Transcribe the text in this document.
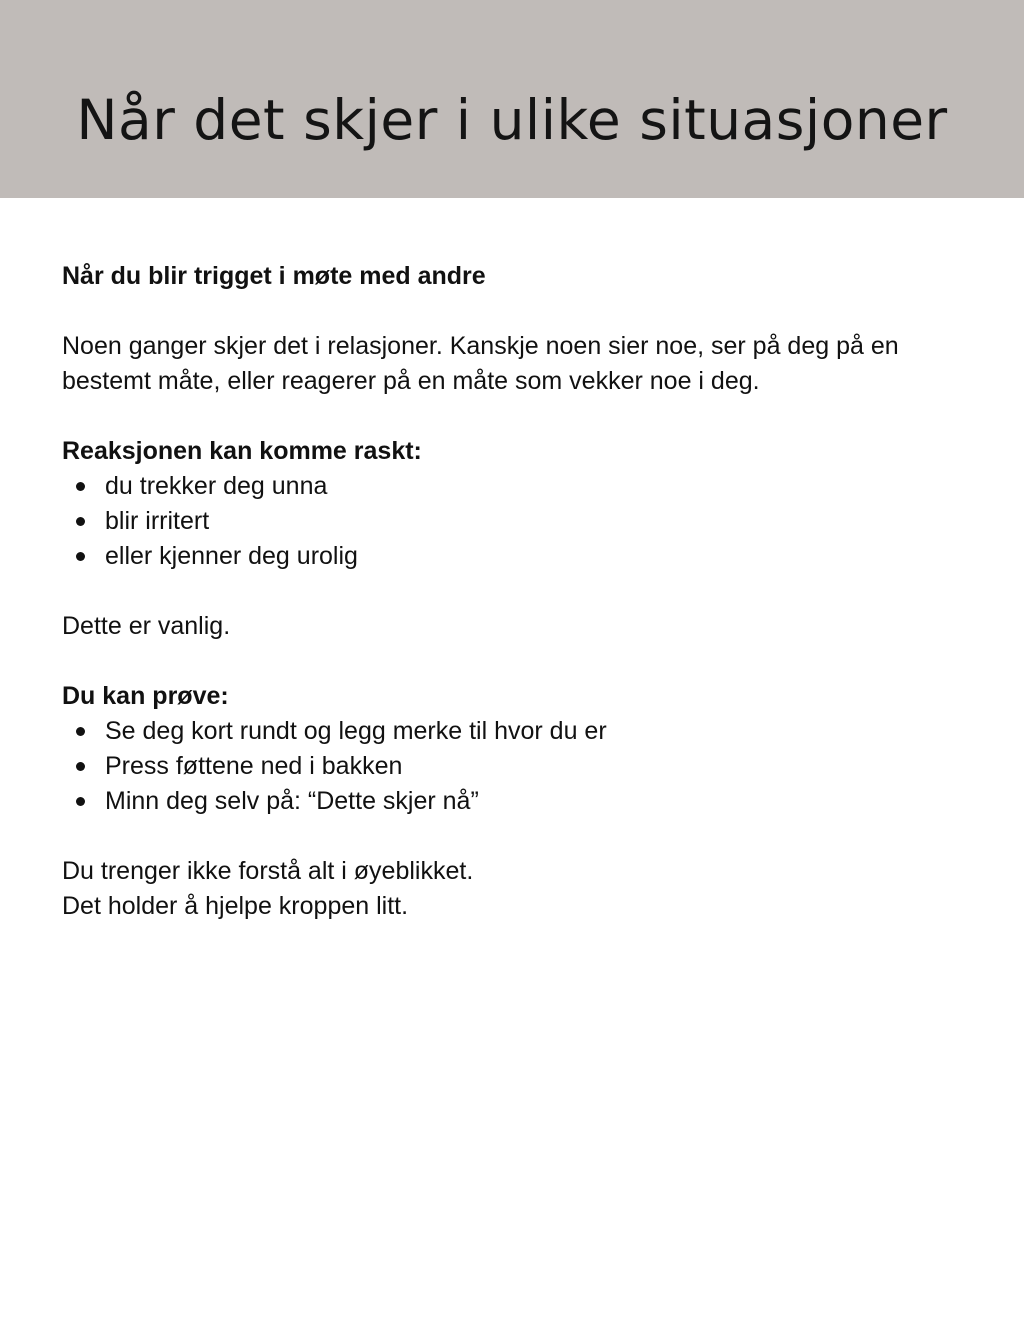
Når det skjer i ulike situasjoner

Når du blir trigget i møte med andre

Noen ganger skjer det i relasjoner. Kanskje noen sier noe, ser på deg på en

bestemt måte, eller reagerer på en måte som vekker noe i deg.

Reaksjonen kan komme raskt:

du trekker deg unna
blir irritert
eller kjenner deg urolig

Dette er vanlig.

Du kan prøve:

Se deg kort rundt og legg merke til hvor du er
Press føttene ned i bakken
Minn deg selv på: “Dette skjer nå”

Du trenger ikke forstå alt i øyeblikket.

Det holder å hjelpe kroppen litt.
